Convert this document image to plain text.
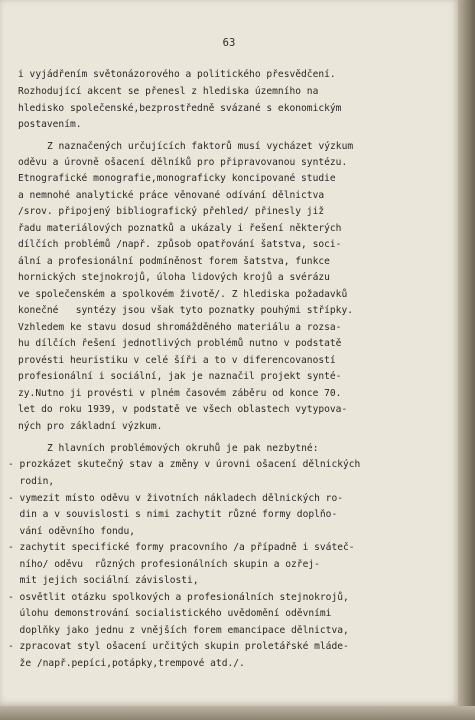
63
i vyjádřením světonázorového a politického přesvědčení.
Rozhodující akcent se přenesl z hlediska územního na
hledisko společenské,bezprostředně svázané s ekonomickým
postavením.
Z naznačených určujících faktorů musí vycházet výzkum
oděvu a úrovně ošacení dělníků pro připravovanou syntézu.
Etnografické monografie,monograficky koncipované studie
a nemnohé analytické práce věnované odívání dělnictva
/srov. připojený bibliografický přehled/ přinesly již
řadu materiálových poznatků a ukázaly i řešení některých
dílčích problémů /např. způsob opatřování šatstva, soci-
ální a profesionální podmíněnost forem šatstva, funkce
hornických stejnokrojů, úloha lidových krojů a svérázu
ve společenském a spolkovém životě/. Z hlediska požadavků
konečné   syntézy jsou však tyto poznatky pouhými střípky.
Vzhledem ke stavu dosud shromážděného materiálu a rozsa-
hu dílčích řešení jednotlivých problémů nutno v podstatě
provésti heuristiku v celé šíři a to v diferencovaností
profesionální i sociální, jak je naznačil projekt synté-
zy.Nutno ji provésti v plném časovém záběru od konce 70.
let do roku 1939, v podstatě ve všech oblastech vytypova-
ných pro základní výzkum.
Z hlavních problémových okruhů je pak nezbytné:
- prozkázet skutečný stav a změny v úrovni ošacení dělnických
rodin,
- vymezit místo oděvu v životních nákladech dělnických ro-
din a v souvislosti s nimi zachytit různé formy doplňo-
vání oděvního fondu,
- zachytit specifické formy pracovního /a případně i sváteč-
ního/ oděvu  různých profesionálních skupin a ozřej-
mit jejich sociální závislosti,
- osvětlit otázku spolkových a profesionálních stejnokrojů,
úlohu demonstrování socialistického uvědomění oděvními
doplňky jako jednu z vnějších forem emancipace dělnictva,
- zpracovat styl ošacení určitých skupin proletářské mláde-
že /např.pepíci,potápky,trempové atd./.
